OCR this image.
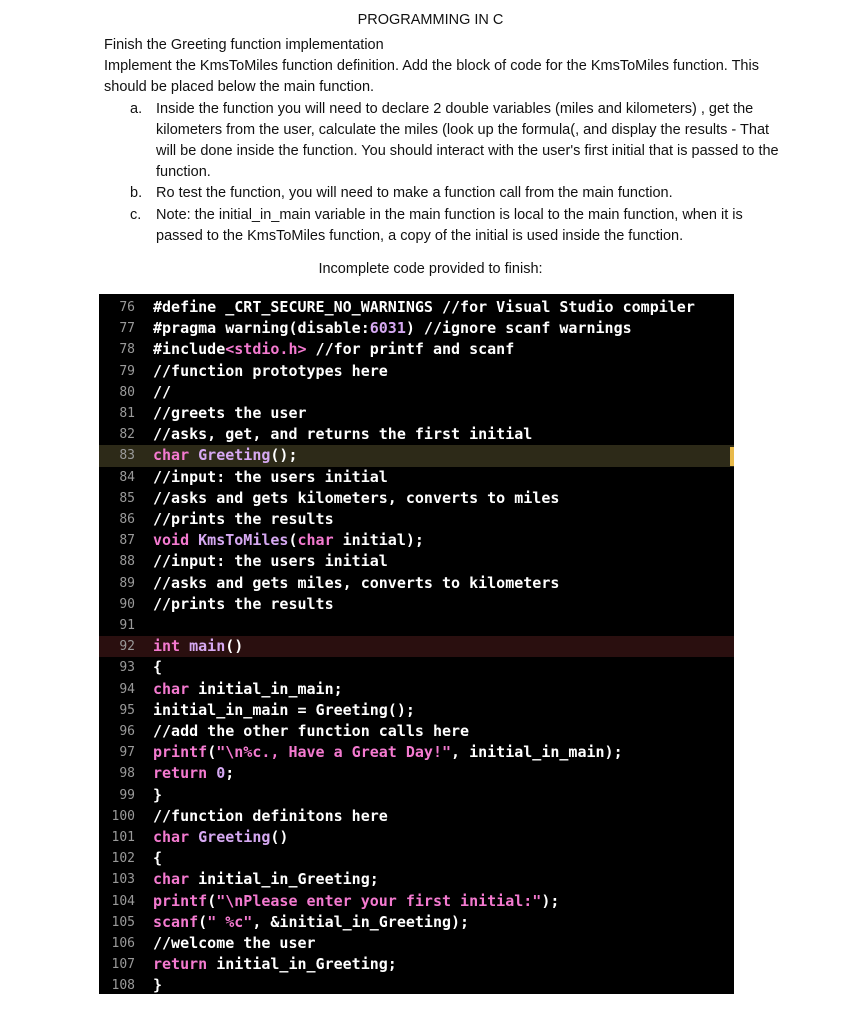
PROGRAMMING IN C

Finish the Greeting function implementation

Implement the KmsToMiles function definition. Add the block of code for the KmsToMiles function. This should be placed below the main function.

a. Inside the function you will need to declare 2 double variables (miles and kilometers) , get the kilometers from the user, calculate the miles (look up the formula(, and display the results - That will be done inside the function. You should interact with the user's first initial that is passed to the function.
b. Ro test the function, you will need to make a function call from the main function.
c. Note: the initial_in_main variable in the main function is local to the main function, when it is passed to the KmsToMiles function, a copy of the initial is used inside the function.
Incomplete code provided to finish:
76 #define _CRT_SECURE_NO_WARNINGS //for Visual Studio compiler
77 #pragma warning(disable:6031) //ignore scanf warnings
78 #include<stdio.h> //for printf and scanf
79 //function prototypes here
80 //
81 //greets the user
82 //asks, get, and returns the first initial
83 char Greeting();
84 //input: the users initial
85 //asks and gets kilometers, converts to miles
86 //prints the results
87 void KmsToMiles(char initial);
88 //input: the users initial
89 //asks and gets miles, converts to kilometers
90 //prints the results
91
92 int main()
93 {
94 char initial_in_main;
95 initial_in_main = Greeting();
96 //add the other function calls here
97 printf("\n%c., Have a Great Day!", initial_in_main);
98 return 0;
99 }
100 //function definitons here
101 char Greeting()
102 {
103 char initial_in_Greeting;
104 printf("\nPlease enter your first initial:");
105 scanf(" %c", &initial_in_Greeting);
106 //welcome the user
107 return initial_in_Greeting;
108 }
